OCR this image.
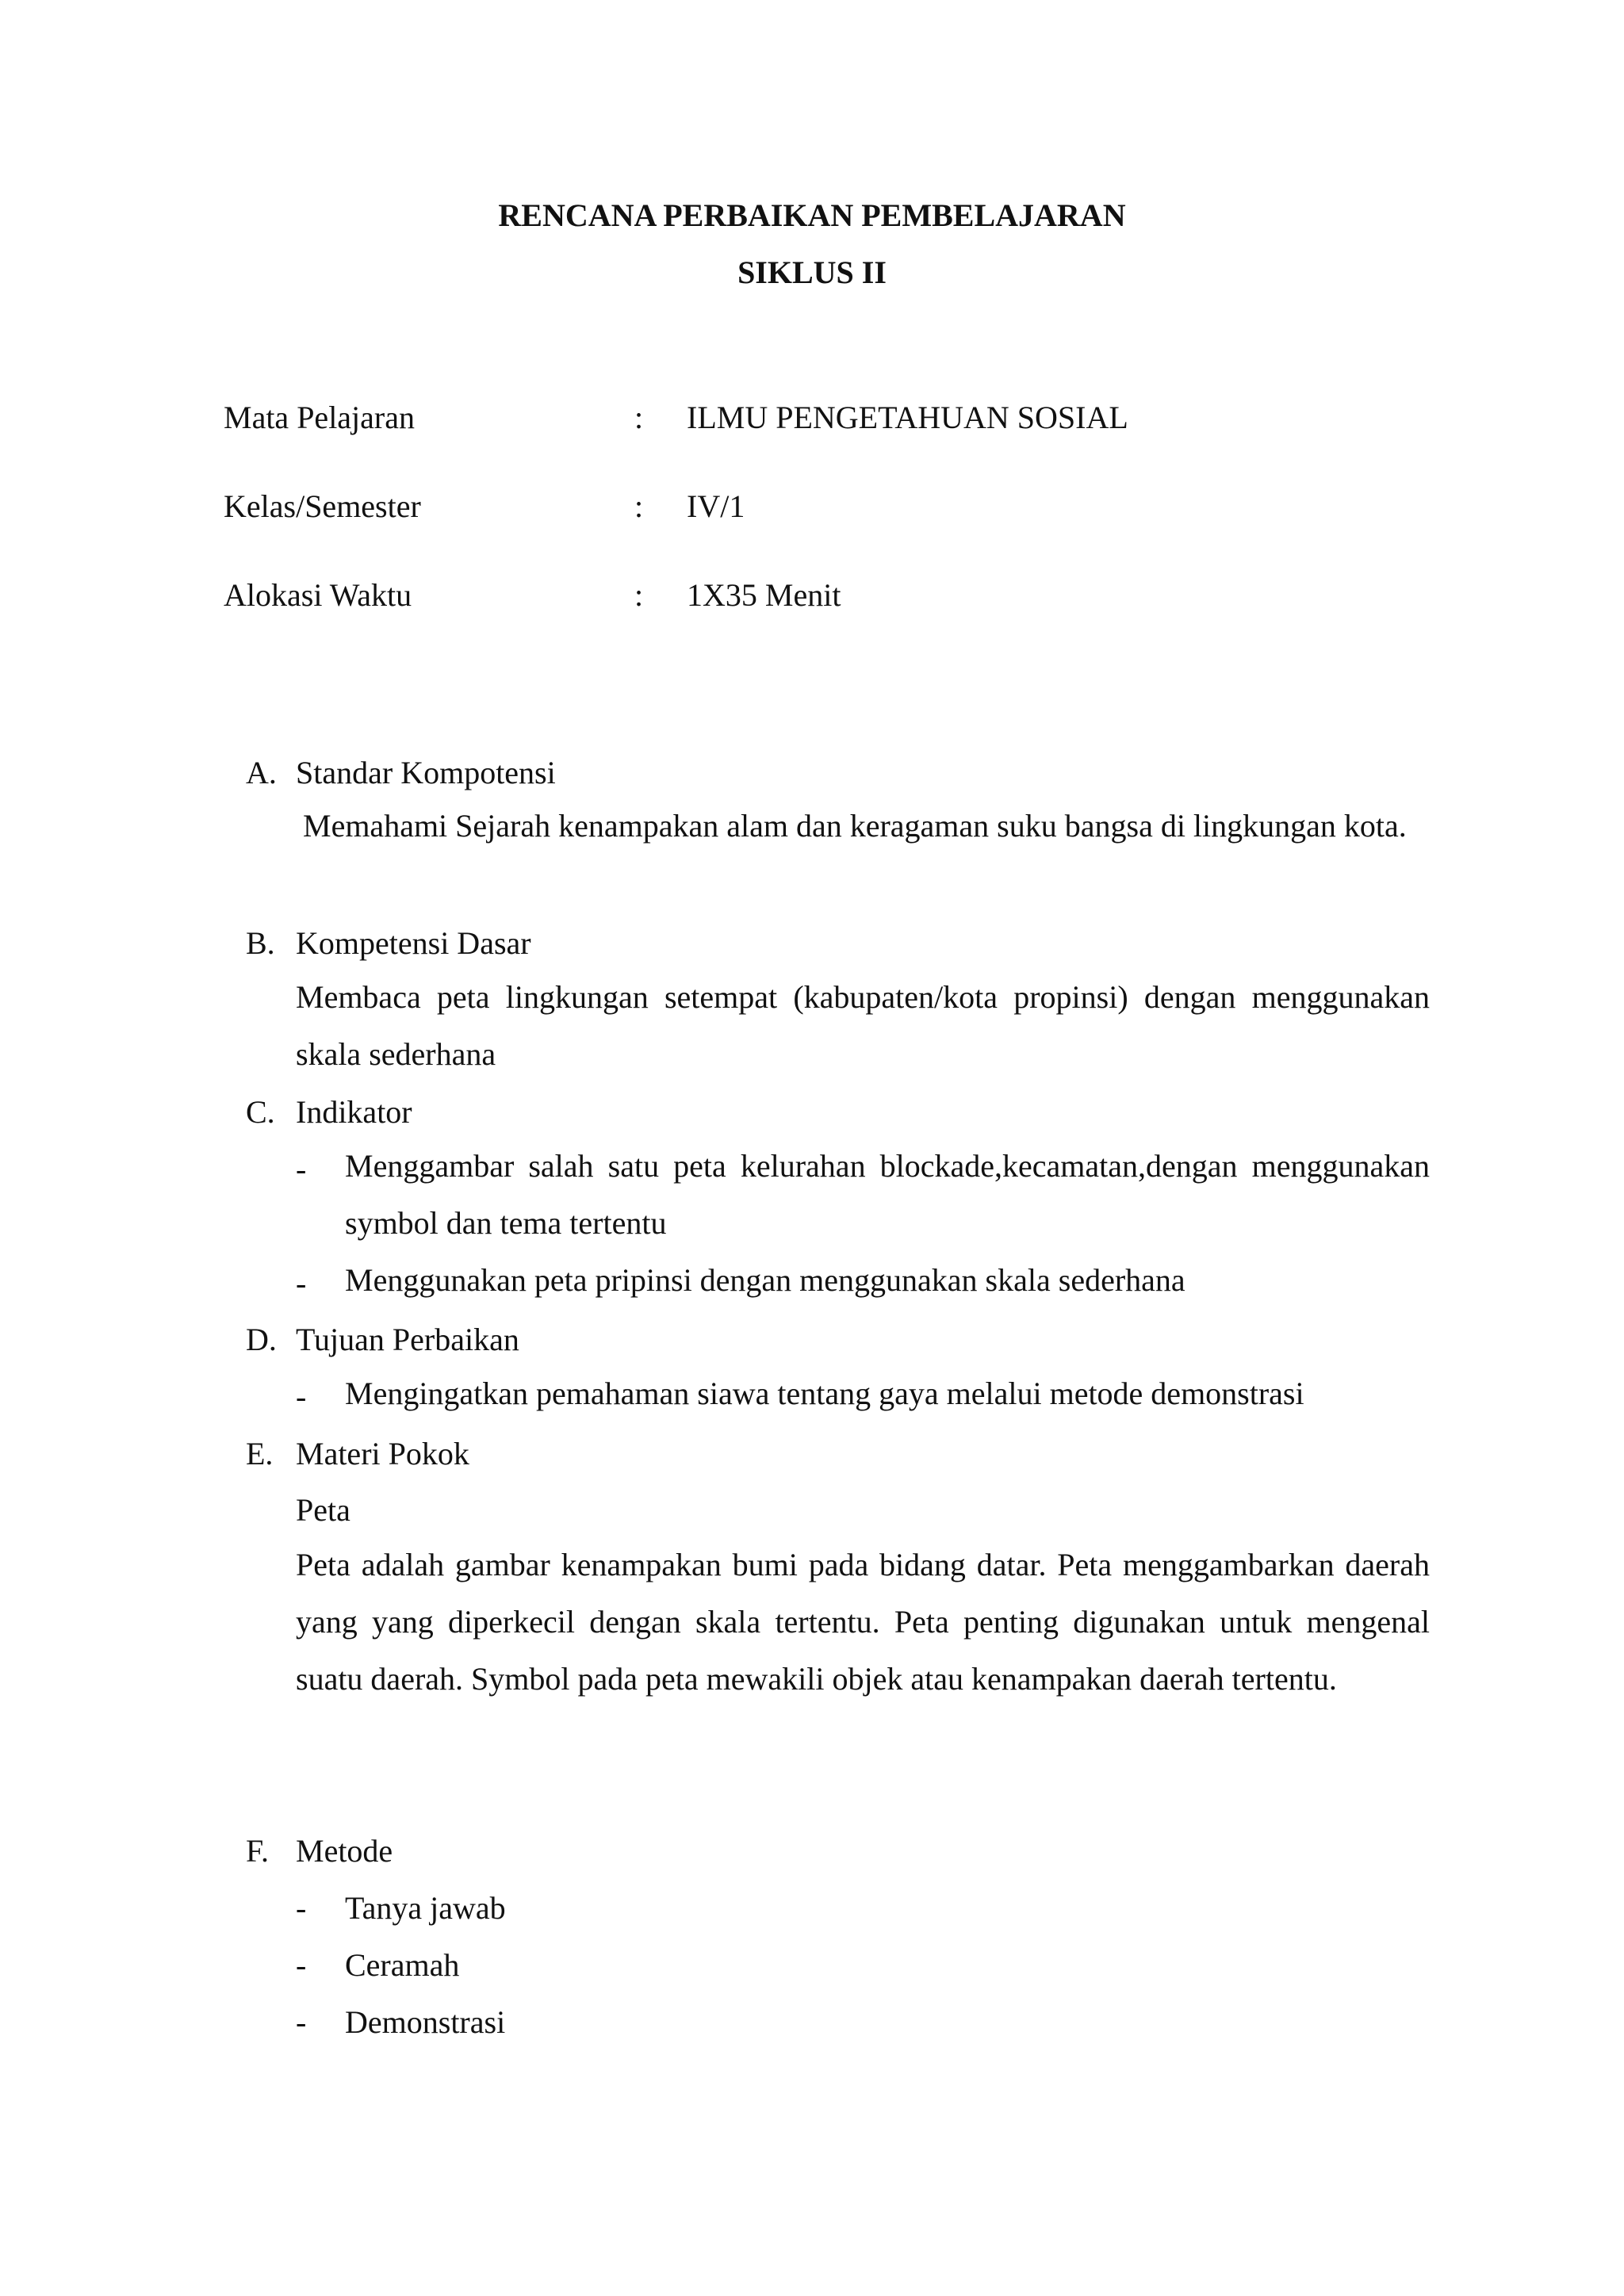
RENCANA PERBAIKAN PEMBELAJARAN
SIKLUS II
Mata Pelajaran	: ILMU PENGETAHUAN SOSIAL
Kelas/Semester	: IV/1
Alokasi Waktu	: 1X35 Menit
A. Standar Kompotensi
Memahami Sejarah kenampakan alam dan keragaman suku bangsa di lingkungan kota.
B. Kompetensi Dasar
Membaca peta lingkungan setempat (kabupaten/kota propinsi) dengan menggunakan skala sederhana
C. Indikator
- Menggambar salah satu peta kelurahan blockade,kecamatan,dengan menggunakan symbol dan tema tertentu
- Menggunakan peta pripinsi dengan menggunakan skala sederhana
D. Tujuan Perbaikan
- Mengingatkan pemahaman siawa tentang gaya melalui metode demonstrasi
E. Materi Pokok
Peta
Peta adalah gambar kenampakan bumi pada bidang datar. Peta menggambarkan daerah yang yang diperkecil dengan skala tertentu. Peta penting digunakan untuk mengenal suatu daerah. Symbol pada peta mewakili objek atau kenampakan daerah tertentu.
F. Metode
- Tanya jawab
- Ceramah
- Demonstrasi
